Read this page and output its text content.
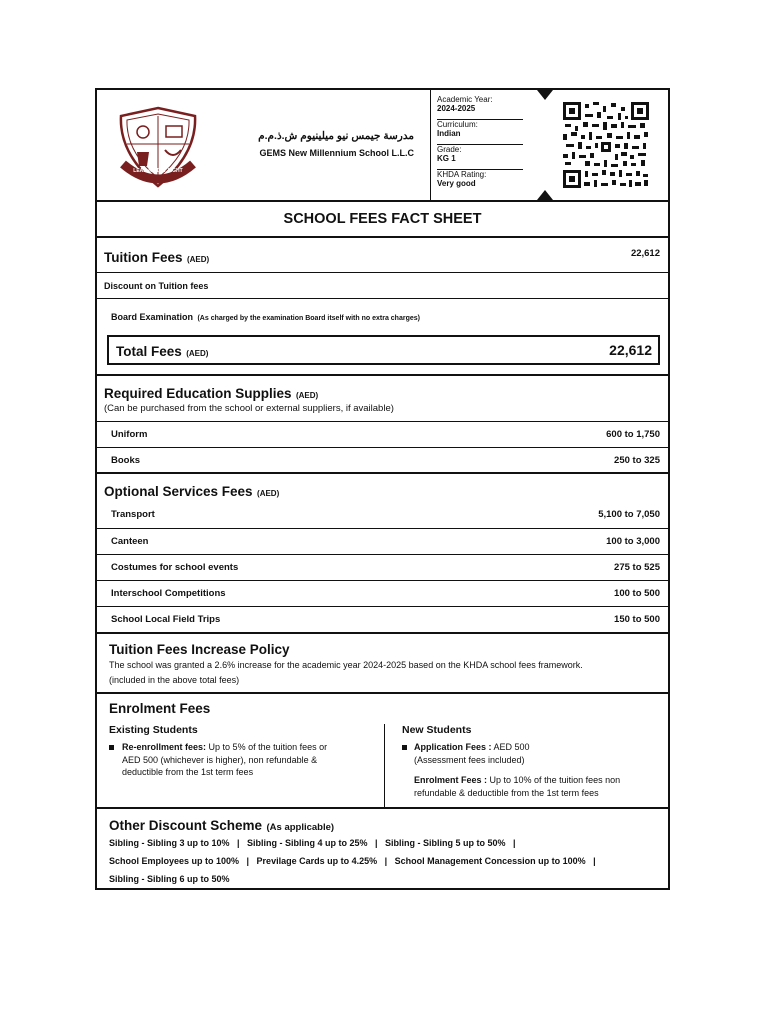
LEAD KINDLY LIGHT
مدرسة جيمس نيو ميلينيوم ش.ذ.م.م
GEMS New Millennium School L.L.C
Academic Year:
2024-2025
Curriculum:
Indian
Grade:
KG 1
KHDA Rating:
Very good
SCHOOL FEES FACT SHEET
Tuition Fees (AED)
22,612
Discount on Tuition fees
Board Examination (As charged by the examination Board itself with no extra charges)
Total Fees (AED)	22,612
Required Education Supplies (AED)
(Can be purchased from the school or external suppliers, if available)
Uniform	600 to 1,750
Books	250 to 325
Optional Services Fees (AED)
Transport	5,100 to 7,050
Canteen	100 to 3,000
Costumes for school events	275 to 525
Interschool Competitions	100 to 500
School Local Field Trips	150 to 500
Tuition Fees Increase Policy
The school was granted a 2.6% increase for the academic year 2024-2025 based on the KHDA school fees framework.
(included in the above total fees)
Enrolment Fees
Existing Students
Re-enrollment fees: Up to 5% of the tuition fees or
AED 500 (whichever is higher), non refundable &
deductible from the 1st term fees
New Students
Application Fees : AED 500
(Assessment fees included)
Enrolment Fees : Up to 10% of the tuition fees non
refundable & deductible from the 1st term fees
Other Discount Scheme (As applicable)
Sibling - Sibling 3 up to 10%   |   Sibling - Sibling 4 up to 25%   |   Sibling - Sibling 5 up to 50%   |
School Employees up to 100%   |   Previlage Cards up to 4.25%   |   School Management Concession up to 100%   |
Sibling - Sibling 6 up to 50%
